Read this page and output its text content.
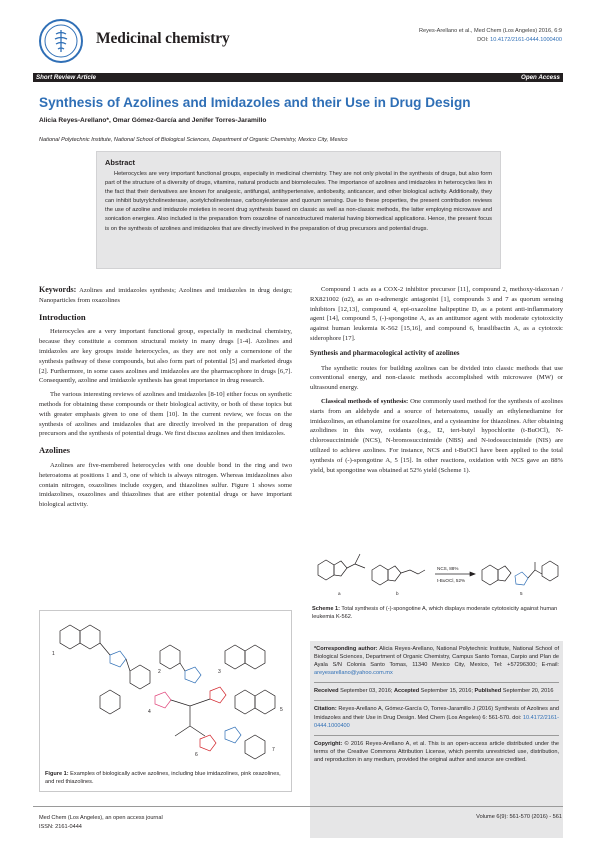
Medicinal chemistry	Reyes-Arellano et al., Med Chem (Los Angeles) 2016, 6:9
DOI: 10.4172/2161-0444.1000400
Short Review Article	Open Access
Synthesis of Azolines and Imidazoles and their Use in Drug Design
Alicia Reyes-Arellano*, Omar Gómez-García and Jenifer Torres-Jaramillo
National Polytechnic Institute, National School of Biological Sciences, Department of Organic Chemistry, Mexico City, Mexico
Abstract
Heterocycles are very important functional groups, especially in medicinal chemistry. They are not only pivotal in the synthesis of drugs, but also form part of the structure of a diversity of drugs, vitamins, natural products and biomolecules. The importance of azolines and imidazoles in heterocycles lies in the fact that their derivatives are known for analgesic, antifungal, antihypertensive, antiobesity, anticancer, and other biological activity. Additionally, they can inhibit butyrylcholinesterase, acetylcholinesterase, carboxylesterase and quorum sensing. Due to these properties, the present contribution reviews the use of azoline and imidazole moieties in recent drug synthesis based on classic as well as non-classic methods, the latter employing microwave and sonication energies. Also included is the preparation from oxazoline of nanostructured material having biomedical applications. Hence, the present focus is on the synthesis of azolines and imidazoles that are directly involved in the preparation of drug precursors and potential drugs.
Keywords: Azolines and imidazoles synthesis; Azolines and imidazoles in drug design; Nanoparticles from oxazolines
Introduction
Heterocycles are a very important functional group, especially in medicinal chemistry, because they constitute a common structural moiety in many drugs [1-4]. Azolines and imidazoles are key groups inside heterocycles, as they are not only a cornerstone of the synthesis pathway of these compounds, but also form part of potential [5] and marketed drugs [2]. Furthermore, in some cases azolines and imidazoles are the pharmacophore in drugs [6,7]. Consequently, azoline and imidazole synthesis has great importance in drug research.
The various interesting reviews of azolines and imidazoles [8-10] either focus on synthetic methods for obtaining these compounds or their biological activity, or both of these topics but with greater emphasis given to one of them [10]. In the current review, we focus on the synthesis of azolines and imidazoles that are directly involved in the preparation of drug precursors and the synthesis of potential drugs. We first discuss azolines and then imidazoles.
Azolines
Azolines are five-membered heterocycles with one double bond in the ring and two heteroatoms at positions 1 and 3, one of which is always nitrogen. Whereas imidazolines also contain nitrogen, oxazolines include oxygen, and thiazolines sulfur. Figure 1 shows some imidazolines, oxazolines and thiazolines that are either potential drugs or have important biological activity.
1
2	3
4	5
6
7
Figure 1: Examples of biologically active azolines, including blue imidazolines, pink oxazolines, and red thiazolines.
Compound 1 acts as a COX-2 inhibitor precursor [11], compound 2, methoxy-idazoxan / RX821002 (α2), as an α-adrenergic antagonist [1], compounds 3 and 7 as quorum sensing inhibitors [12,13], compound 4, epi-oxazoline halipeptine D, as a potent anti-inflammatory agent [14], compound 5, (-)-spongotine A, as an antitumor agent with moderate cytotoxicity against human leukemia K-562 [15,16], and compound 6, brasilibactin A, as a cytotoxic siderophore [17].
Synthesis and pharmacological activity of azolines
The synthetic routes for building azolines can be divided into classic methods that use conventional energy, and non-classic methods accomplished with microwave (MW) or ultrasound energy.
Classical methods of synthesis: One commonly used method for the synthesis of azolines starts from an aldehyde and a source of heteroatoms, usually an ethylenediamine for imidazolines, an ethanolamine for oxazolines, and a cysteamine for thiazolines. After obtaining azolidines in this way, oxidants (e.g., I2, tert-butyl hypochlorite (t-BuOCl), N-chlorosuccinimide (NCS), N-bromosuccinimide (NBS) and N-iodosuccinimide (NIS) are utilized to achieve azolines. For instance, NCS and t-BuOCl have been applied to the total synthesis of (-)-spongotine A, 5 [15]. In other reactions, oxidation with NCS gave an 88% yield, but spongotine was obtained at 52% yield (Scheme 1).
NCS, 88%
t-BuOCl, 52%
a	b	5
Scheme 1: Total synthesis of (-)-spongotine A, which displays moderate cytotoxicity against human leukemia K-562.
*Corresponding author: Alicia Reyes-Arellano, National Polytechnic Institute, National School of Biological Sciences, Department of Organic Chemistry, Campus Santo Tomas, Carpio and Plan de Ayala S/N Colonia Santo Tomas, 11340 Mexico City, Mexico, Tel: +57296300; E-mail: areyesarellano@yahoo.com.mx
Received September 03, 2016; Accepted September 15, 2016; Published September 20, 2016
Citation: Reyes-Arellano A, Gómez-García O, Torres-Jaramillo J (2016) Synthesis of Azolines and Imidazoles and their Use in Drug Design. Med Chem (Los Angeles) 6: 561-570. doi: 10.4172/2161-0444.1000400
Copyright: © 2016 Reyes-Arellano A, et al. This is an open-access article distributed under the terms of the Creative Commons Attribution License, which permits unrestricted use, distribution, and reproduction in any medium, provided the original author and source are credited.
Med Chem (Los Angeles), an open access journal
ISSN: 2161-0444
Volume 6(9): 561-570 (2016) - 561
